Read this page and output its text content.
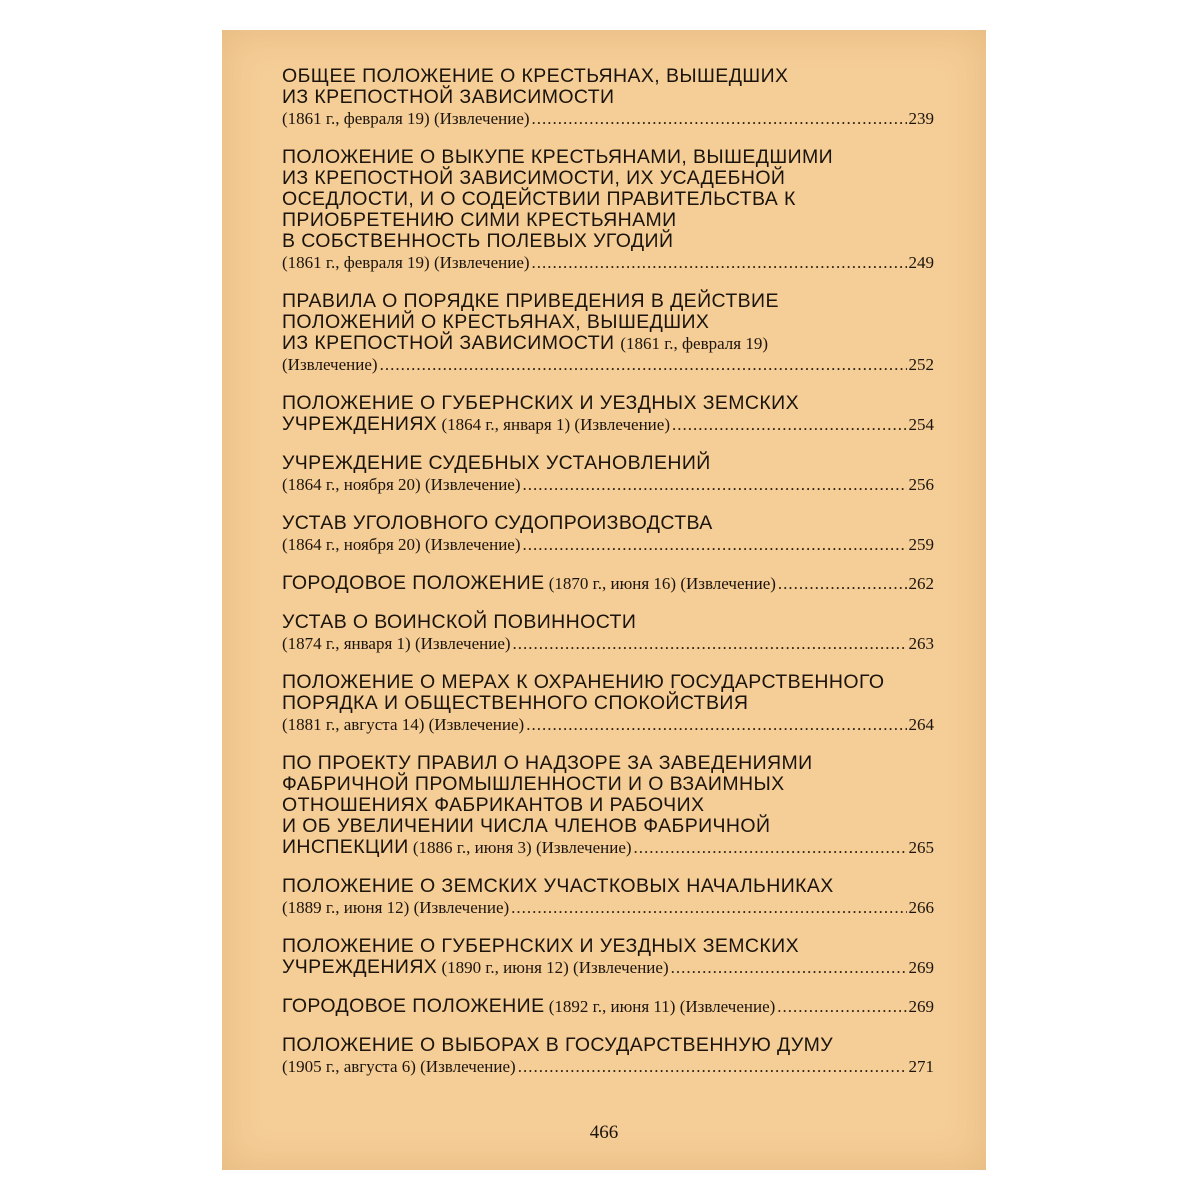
ОБЩЕЕ ПОЛОЖЕНИЕ О КРЕСТЬЯНАХ, ВЫШЕДШИХ
ИЗ КРЕПОСТНОЙ ЗАВИСИМОСТИ
(1861 г., февраля 19) (Извлечение) .....	239
ПОЛОЖЕНИЕ О ВЫКУПЕ КРЕСТЬЯНАМИ, ВЫШЕДШИМИ
ИЗ КРЕПОСТНОЙ ЗАВИСИМОСТИ, ИХ УСАДЕБНОЙ
ОСЕДЛОСТИ, И О СОДЕЙСТВИИ ПРАВИТЕЛЬСТВА К
ПРИОБРЕТЕНИЮ СИМИ КРЕСТЬЯНАМИ
В СОБСТВЕННОСТЬ ПОЛЕВЫХ УГОДИЙ
(1861 г., февраля 19) (Извлечение) .....	249
ПРАВИЛА О ПОРЯДКЕ ПРИВЕДЕНИЯ В ДЕЙСТВИЕ
ПОЛОЖЕНИЙ О КРЕСТЬЯНАХ, ВЫШЕДШИХ
ИЗ КРЕПОСТНОЙ ЗАВИСИМОСТИ (1861 г., февраля 19)
(Извлечение) .....	252
ПОЛОЖЕНИЕ О ГУБЕРНСКИХ И УЕЗДНЫХ ЗЕМСКИХ
УЧРЕЖДЕНИЯХ
(1864 г., января 1) (Извлечение) .....	254
УЧРЕЖДЕНИЕ СУДЕБНЫХ УСТАНОВЛЕНИЙ
(1864 г., ноября 20) (Извлечение) .....	256
УСТАВ УГОЛОВНОГО СУДОПРОИЗВОДСТВА
(1864 г., ноября 20) (Извлечение) .....	259
ГОРОДОВОЕ ПОЛОЖЕНИЕ
(1870 г., июня 16) (Извлечение) .....	262
УСТАВ О ВОИНСКОЙ ПОВИННОСТИ
(1874 г., января 1) (Извлечение) .....	263
ПОЛОЖЕНИЕ О МЕРАХ К ОХРАНЕНИЮ ГОСУДАРСТВЕННОГО
ПОРЯДКА И ОБЩЕСТВЕННОГО СПОКОЙСТВИЯ
(1881 г., августа 14) (Извлечение) .....	264
ПО ПРОЕКТУ ПРАВИЛ О НАДЗОРЕ ЗА ЗАВЕДЕНИЯМИ
ФАБРИЧНОЙ ПРОМЫШЛЕННОСТИ И О ВЗАИМНЫХ
ОТНОШЕНИЯХ ФАБРИКАНТОВ И РАБОЧИХ
И ОБ УВЕЛИЧЕНИИ ЧИСЛА ЧЛЕНОВ ФАБРИЧНОЙ
ИНСПЕКЦИИ
(1886 г., июня 3) (Извлечение) .....	265
ПОЛОЖЕНИЕ О ЗЕМСКИХ УЧАСТКОВЫХ НАЧАЛЬНИКАХ
(1889 г., июня 12) (Извлечение) .....	266
ПОЛОЖЕНИЕ О ГУБЕРНСКИХ И УЕЗДНЫХ ЗЕМСКИХ
УЧРЕЖДЕНИЯХ
(1890 г., июня 12) (Извлечение) .....	269
ГОРОДОВОЕ ПОЛОЖЕНИЕ
(1892 г., июня 11) (Извлечение) .....	269
ПОЛОЖЕНИЕ О ВЫБОРАХ В ГОСУДАРСТВЕННУЮ ДУМУ
(1905 г., августа 6) (Извлечение) .....	271
466
